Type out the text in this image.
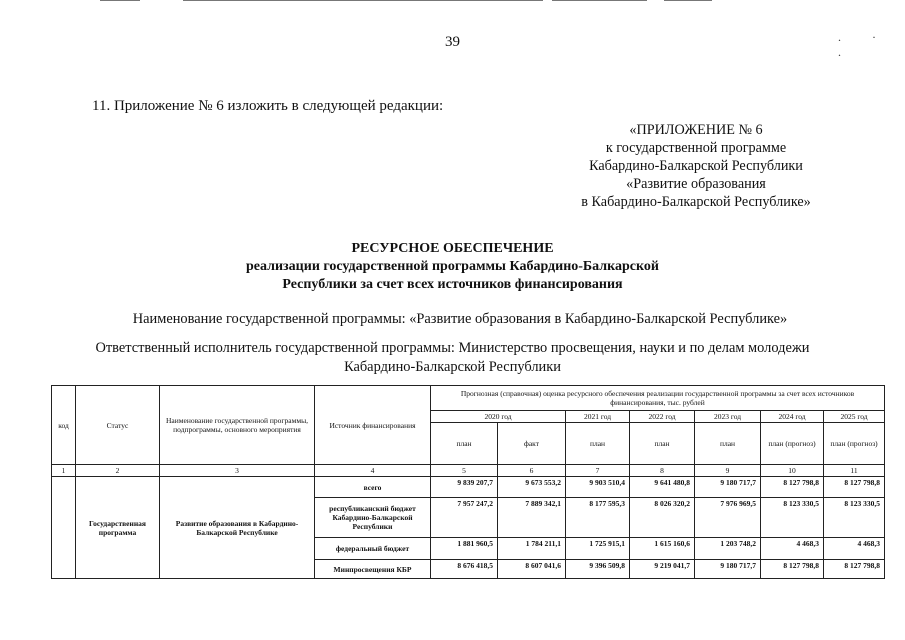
39	. · .
11. Приложение № 6 изложить в следующей редакции:
«ПРИЛОЖЕНИЕ № 6
к государственной программе
Кабардино-Балкарской Республики
«Развитие образования
в Кабардино-Балкарской Республике»
РЕСУРСНОЕ ОБЕСПЕЧЕНИЕ
реализации государственной программы Кабардино-Балкарской
Республики за счет всех источников финансирования
Наименование государственной программы: «Развитие образования в Кабардино-Балкарской Республике»
Ответственный исполнитель государственной программы: Министерство просвещения, науки и по делам молодежи
Кабардино-Балкарской Республики
код	Статус	Наименование государственной программы, подпрограммы, основного мероприятия	Источник финансирования	Прогнозная (справочная) оценка ресурсного обеспечения реализации государственной программы за счет всех источников финансирования, тыс. рублей						
				2020 год		2021 год	2022 год	2023 год	2024 год	2025 год
				план	факт	план	план	план	план (прогноз)	план (прогноз)
1	2	3	4	5	6	7	8	9	10	11
	Государственная программа	Развитие образования в Кабардино-Балкарской Республике	всего	9 839 207,7	9 673 553,2	9 903 510,4	9 641 480,8	9 180 717,7	8 127 798,8	8 127 798,8
			республиканский бюджет Кабардино-Балкарской Республики	7 957 247,2	7 889 342,1	8 177 595,3	8 026 320,2	7 976 969,5	8 123 330,5	8 123 330,5
			федеральный бюджет	1 881 960,5	1 784 211,1	1 725 915,1	1 615 160,6	1 203 748,2	4 468,3	4 468,3
			Минпросвещения КБР	8 676 418,5	8 607 041,6	9 396 509,8	9 219 041,7	9 180 717,7	8 127 798,8	8 127 798,8
